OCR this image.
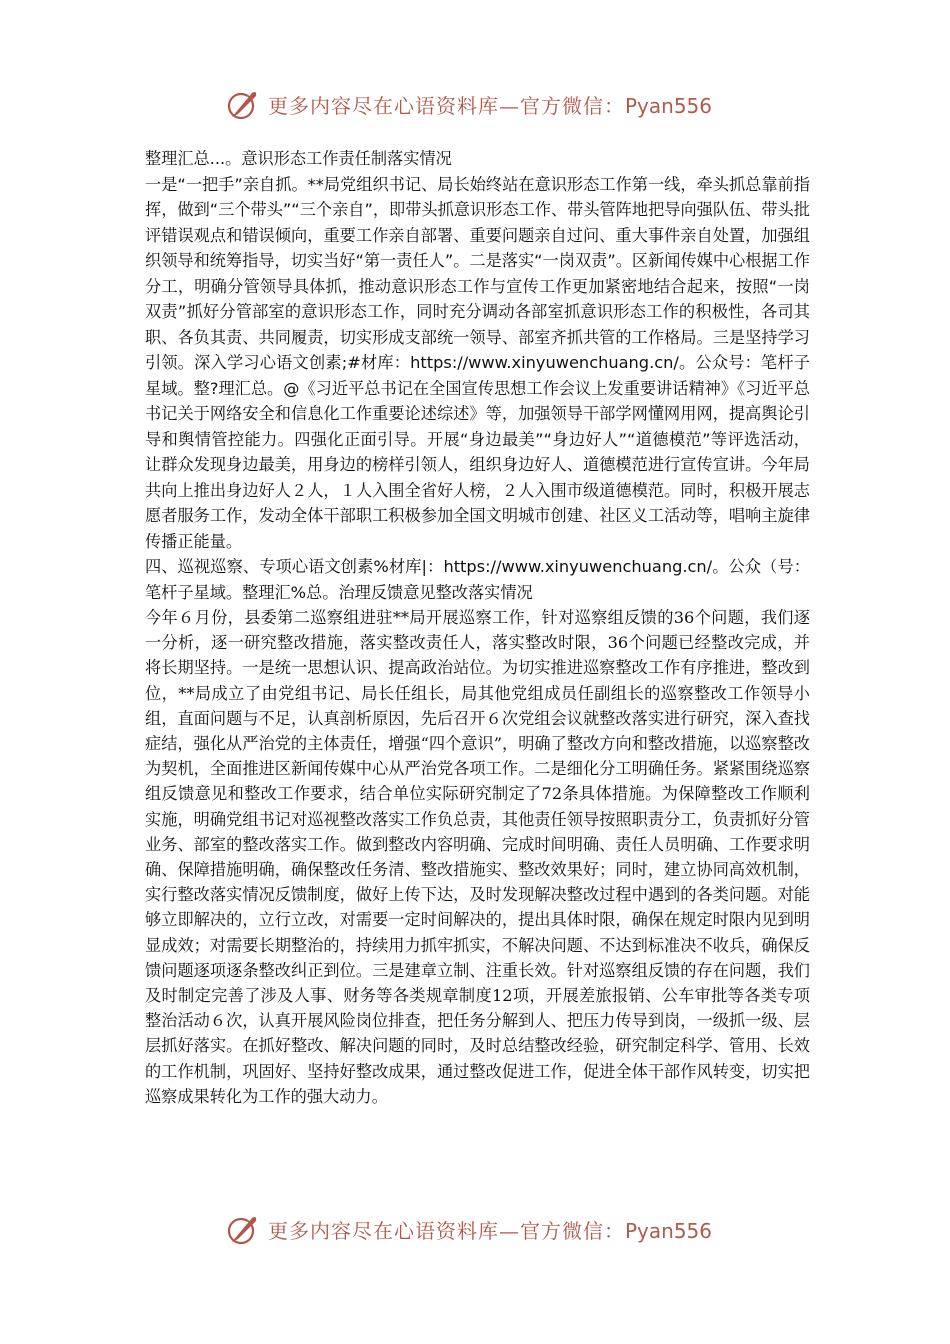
更多内容尽在心语资料库—官方微信：Pyan556

整理汇总...。意识形态工作责任制落实情况

一是“一把手”亲自抓。**局党组织书记、局长始终站在意识形态工作第一线，牵头抓总靠前指挥，做到“三个带头”“三个亲自”，即带头抓意识形态工作、带头管阵地把导向强队伍、带头批评错误观点和错误倾向，重要工作亲自部署、重要问题亲自过问、重大事件亲自处置，加强组织领导和统筹指导，切实当好“第一责任人”。二是落实“一岗双责”。区新闻传媒中心根据工作分工，明确分管领导具体抓，推动意识形态工作与宣传工作更加紧密地结合起来，按照“一岗双责”抓好分管部室的意识形态工作，同时充分调动各部室抓意识形态工作的积极性，各司其职、各负其责、共同履责，切实形成支部统一领导、部室齐抓共管的工作格局。三是坚持学习引领。深入学习心语文创素;#材库：https://www.xinyuwenchuang.cn/。公众号：笔杆子星域。整?理汇总。@《习近平总书记在全国宣传思想工作会议上发重要讲话精神》《习近平总书记关于网络安全和信息化工作重要论述综述》等，加强领导干部学网懂网用网，提高舆论引导和舆情管控能力。四强化正面引导。开展“身边最美”“身边好人”“道德模范”等评选活动，让群众发现身边最美，用身边的榜样引领人，组织身边好人、道德模范进行宣传宣讲。今年局共向上推出身边好人２人，１人入围全省好人榜，２人入围市级道德模范。同时，积极开展志愿者服务工作，发动全体干部职工积极参加全国文明城市创建、社区义工活动等，唱响主旋律传播正能量。

四、巡视巡察、专项心语文创素%材库|：https://www.xinyuwenchuang.cn/。公众（号：笔杆子星域。整理汇%总。治理反馈意见整改落实情况

今年６月份，县委第二巡察组进驻**局开展巡察工作，针对巡察组反馈的36个问题，我们逐一分析，逐一研究整改措施，落实整改责任人，落实整改时限，36个问题已经整改完成，并将长期坚持。一是统一思想认识、提高政治站位。为切实推进巡察整改工作有序推进，整改到位，**局成立了由党组书记、局长任组长，局其他党组成员任副组长的巡察整改工作领导小组，直面问题与不足，认真剖析原因，先后召开６次党组会议就整改落实进行研究，深入查找症结，强化从严治党的主体责任，增强“四个意识”，明确了整改方向和整改措施，以巡察整改为契机，全面推进区新闻传媒中心从严治党各项工作。二是细化分工明确任务。紧紧围绕巡察组反馈意见和整改工作要求，结合单位实际研究制定了72条具体措施。为保障整改工作顺利实施，明确党组书记对巡视整改落实工作负总责，其他责任领导按照职责分工，负责抓好分管业务、部室的整改落实工作。做到整改内容明确、完成时间明确、责任人员明确、工作要求明确、保障措施明确，确保整改任务清、整改措施实、整改效果好；同时，建立协同高效机制，实行整改落实情况反馈制度，做好上传下达，及时发现解决整改过程中遇到的各类问题。对能够立即解决的，立行立改，对需要一定时间解决的，提出具体时限，确保在规定时限内见到明显成效；对需要长期整治的，持续用力抓牢抓实，不解决问题、不达到标准决不收兵，确保反馈问题逐项逐条整改纠正到位。三是建章立制、注重长效。针对巡察组反馈的存在问题，我们及时制定完善了涉及人事、财务等各类规章制度12项，开展差旅报销、公车审批等各类专项整治活动６次，认真开展风险岗位排查，把任务分解到人、把压力传导到岗，一级抓一级、层层抓好落实。在抓好整改、解决问题的同时，及时总结整改经验，研究制定科学、管用、长效的工作机制，巩固好、坚持好整改成果，通过整改促进工作，促进全体干部作风转变，切实把巡察成果转化为工作的强大动力。

更多内容尽在心语资料库—官方微信：Pyan556
